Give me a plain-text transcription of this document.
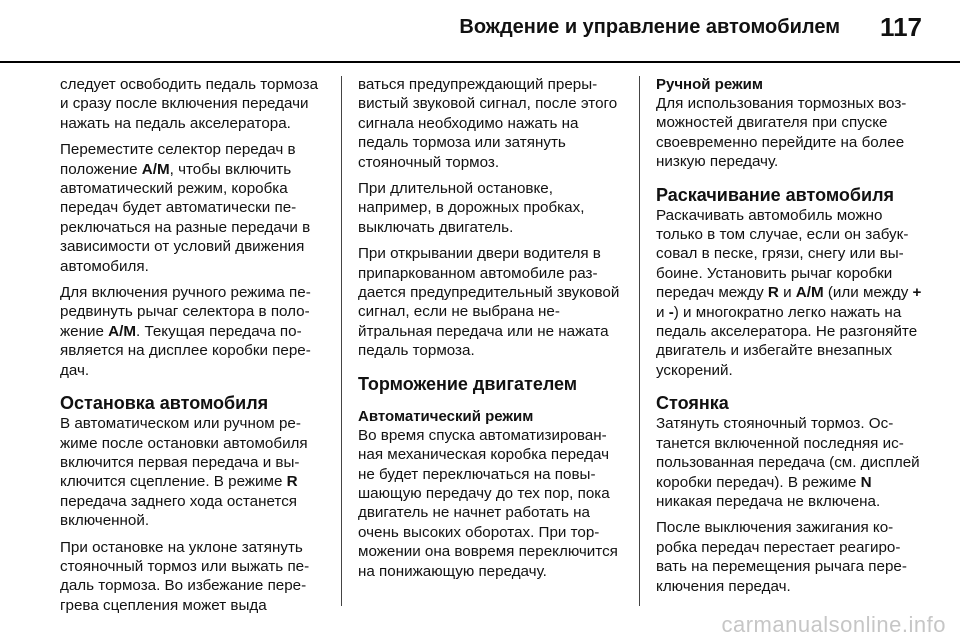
Вождение и управление автомобилем 117

следует освободить педаль тормоза и сразу после включения передачи нажать на педаль акселератора.

Переместите селектор передач в положение A/M, чтобы включить автоматический режим, коробка передач будет автоматически переключаться на разные передачи в зависимости от условий движения автомобиля.

Для включения ручного режима передвинуть рычаг селектора в положение A/M. Текущая передача появляется на дисплее коробки передач.

Остановка автомобиля

В автоматическом или ручном режиме после остановки автомобиля включится первая передача и выключится сцепление. В режиме R передача заднего хода останется включенной.

При остановке на уклоне затянуть стояночный тормоз или выжать педаль тормоза. Во избежание перегрева сцепления может выда

ваться предупреждающий прерывистый звуковой сигнал, после этого сигнала необходимо нажать на педаль тормоза или затянуть стояночный тормоз.

При длительной остановке, например, в дорожных пробках, выключать двигатель.

При открывании двери водителя в припаркованном автомобиле раздается предупредительный звуковой сигнал, если не выбрана нейтральная передача или не нажата педаль тормоза.

Торможение двигателем
Автоматический режим

Во время спуска автоматизированная механическая коробка передач не будет переключаться на повышающую передачу до тех пор, пока двигатель не начнет работать на очень высоких оборотах. При торможении она вовремя переключится на понижающую передачу.

Ручной режим

Для использования тормозных возможностей двигателя при спуске своевременно перейдите на более низкую передачу.

Раскачивание автомобиля

Раскачивать автомобиль можно только в том случае, если он забуксовал в песке, грязи, снегу или выбоине. Установить рычаг коробки передач между R и A/M (или между + и -) и многократно легко нажать на педаль акселератора. Не разгоняйте двигатель и избегайте внезапных ускорений.

Стоянка

Затянуть стояночный тормоз. Останется включенной последняя использованная передача (см. дисплей коробки передач). В режиме N никакая передача не включена.

После выключения зажигания коробка передач перестает реагировать на перемещения рычага переключения передач.

carmanualsonline.info
